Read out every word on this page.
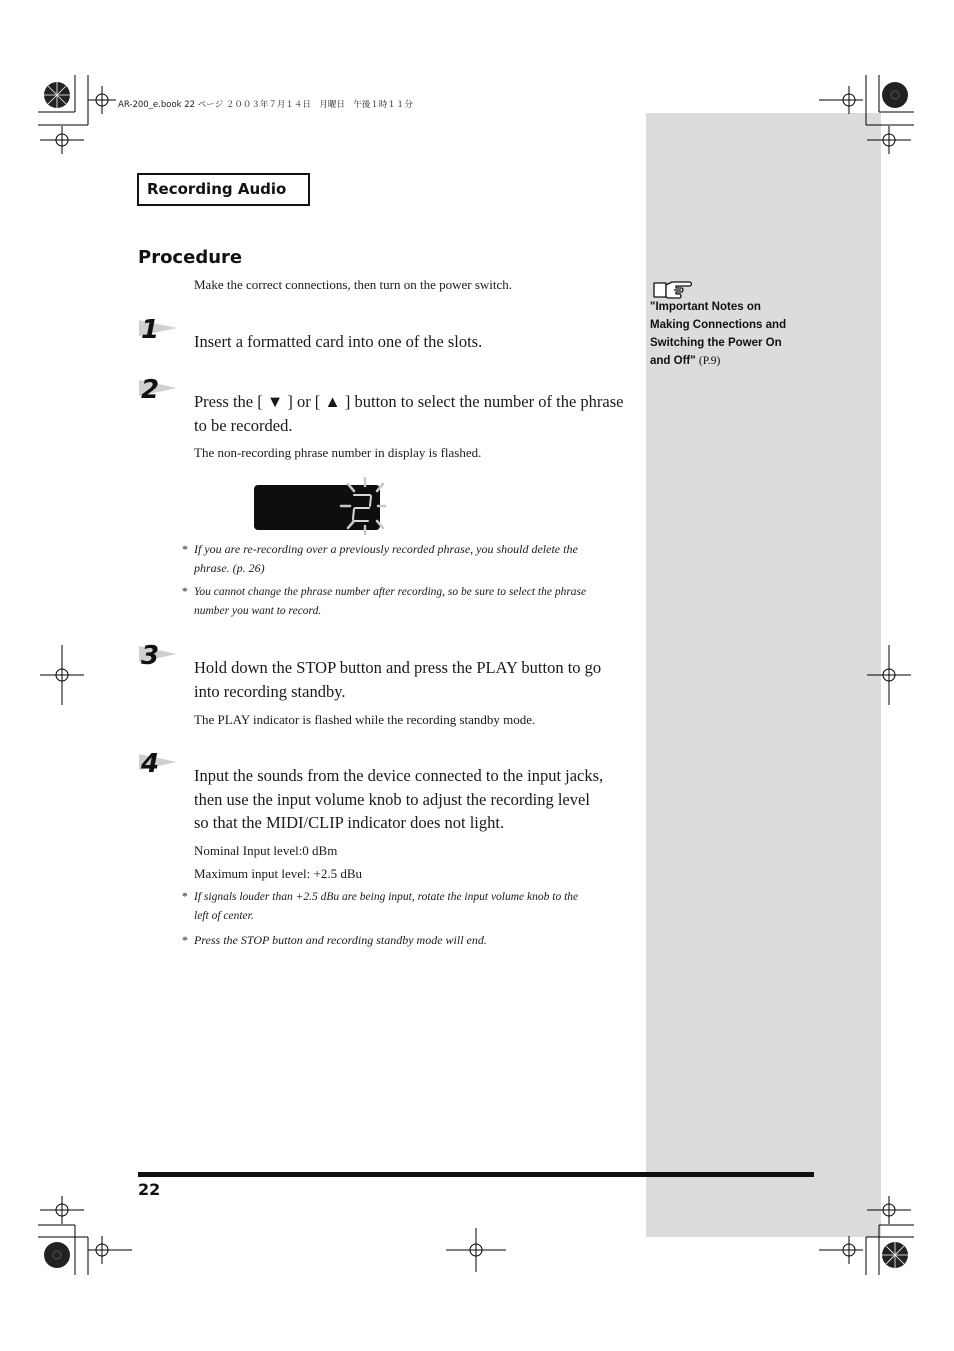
AR-200_e.book 22 ページ ２００３年７月１４日　月曜日　午後１時１１分
Recording Audio
Procedure
Make the correct connections, then turn on the power switch.
1 Insert a formatted card into one of the slots.
2 Press the [ ▼ ] or [ ▲ ] button to select the number of the phrase
to be recorded.
The non-recording phrase number in display is flashed.
* If you are re-recording over a previously recorded phrase, you should delete the
phrase. (p. 26)
* You cannot change the phrase number after recording, so be sure to select the phrase
number you want to record.
3 Hold down the STOP button and press the PLAY button to go
into recording standby.
The PLAY indicator is flashed while the recording standby mode.
4 Input the sounds from the device connected to the input jacks,
then use the input volume knob to adjust the recording level
so that the MIDI/CLIP indicator does not light.
Nominal Input level:0 dBm
Maximum input level: +2.5 dBu
* If signals louder than +2.5 dBu are being input, rotate the input volume knob to the
left of center.
* Press the STOP button and recording standby mode will end.
"Important Notes on
Making Connections and
Switching the Power On
and Off" (P.9)
22
